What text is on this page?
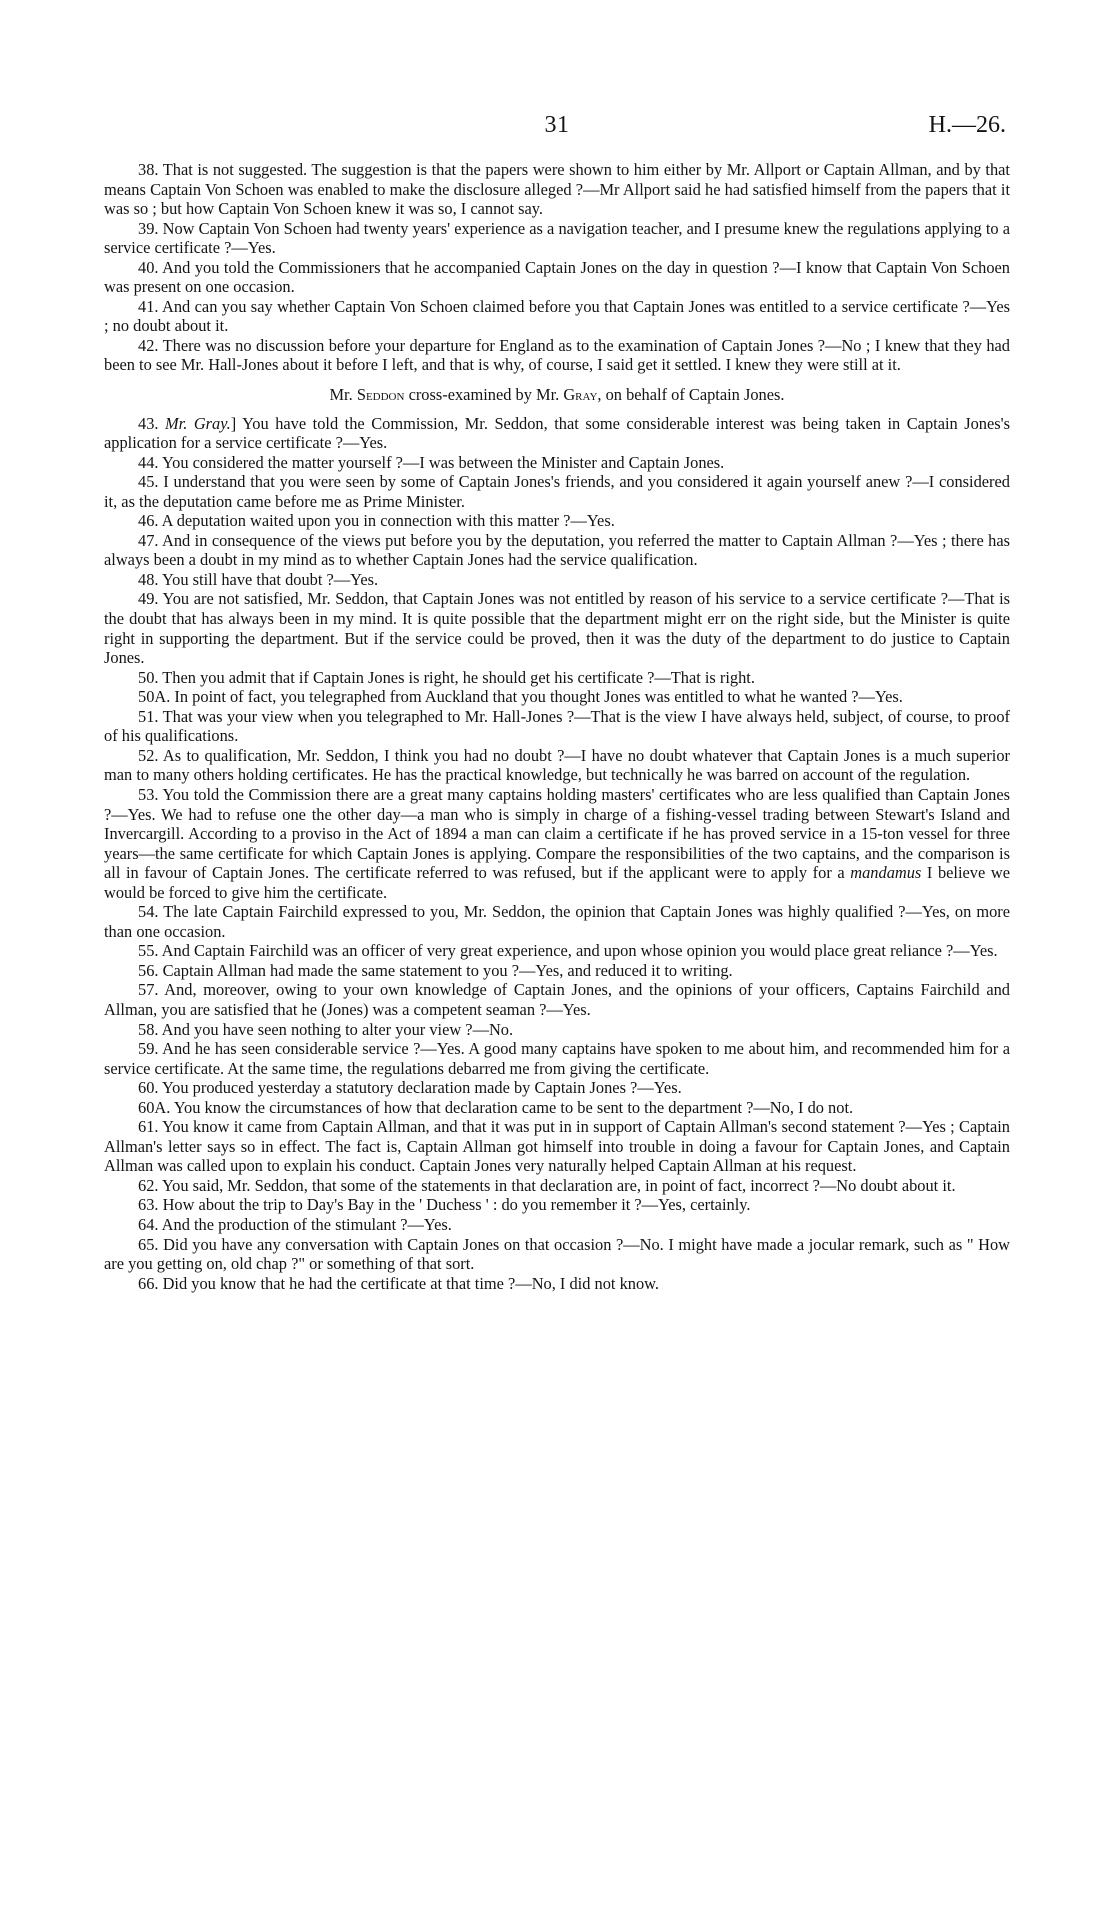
31	H.—26.

38. That is not suggested. The suggestion is that the papers were shown to him either by Mr. Allport or Captain Allman, and by that means Captain Von Schoen was enabled to make the disclosure alleged ?—Mr Allport said he had satisfied himself from the papers that it was so ; but how Captain Von Schoen knew it was so, I cannot say.

39. Now Captain Von Schoen had twenty years' experience as a navigation teacher, and I presume knew the regulations applying to a service certificate ?—Yes.

40. And you told the Commissioners that he accompanied Captain Jones on the day in question ?—I know that Captain Von Schoen was present on one occasion.

41. And can you say whether Captain Von Schoen claimed before you that Captain Jones was entitled to a service certificate ?—Yes ; no doubt about it.

42. There was no discussion before your departure for England as to the examination of Captain Jones ?—No ; I knew that they had been to see Mr. Hall-Jones about it before I left, and that is why, of course, I said get it settled. I knew they were still at it.

Mr. Seddon cross-examined by Mr. Gray, on behalf of Captain Jones.

43. Mr. Gray.] You have told the Commission, Mr. Seddon, that some considerable interest was being taken in Captain Jones's application for a service certificate ?—Yes.

44. You considered the matter yourself ?—I was between the Minister and Captain Jones.

45. I understand that you were seen by some of Captain Jones's friends, and you considered it again yourself anew ?—I considered it, as the deputation came before me as Prime Minister.

46. A deputation waited upon you in connection with this matter ?—Yes.

47. And in consequence of the views put before you by the deputation, you referred the matter to Captain Allman ?—Yes ; there has always been a doubt in my mind as to whether Captain Jones had the service qualification.

48. You still have that doubt ?—Yes.

49. You are not satisfied, Mr. Seddon, that Captain Jones was not entitled by reason of his service to a service certificate ?—That is the doubt that has always been in my mind. It is quite possible that the department might err on the right side, but the Minister is quite right in supporting the department. But if the service could be proved, then it was the duty of the department to do justice to Captain Jones.

50. Then you admit that if Captain Jones is right, he should get his certificate ?—That is right.

50A. In point of fact, you telegraphed from Auckland that you thought Jones was entitled to what he wanted ?—Yes.

51. That was your view when you telegraphed to Mr. Hall-Jones ?—That is the view I have always held, subject, of course, to proof of his qualifications.

52. As to qualification, Mr. Seddon, I think you had no doubt ?—I have no doubt whatever that Captain Jones is a much superior man to many others holding certificates. He has the practical knowledge, but technically he was barred on account of the regulation.

53. You told the Commission there are a great many captains holding masters' certificates who are less qualified than Captain Jones ?—Yes. We had to refuse one the other day—a man who is simply in charge of a fishing-vessel trading between Stewart's Island and Invercargill. According to a proviso in the Act of 1894 a man can claim a certificate if he has proved service in a 15-ton vessel for three years—the same certificate for which Captain Jones is applying. Compare the responsibilities of the two captains, and the comparison is all in favour of Captain Jones. The certificate referred to was refused, but if the applicant were to apply for a mandamus I believe we would be forced to give him the certificate.

54. The late Captain Fairchild expressed to you, Mr. Seddon, the opinion that Captain Jones was highly qualified ?—Yes, on more than one occasion.

55. And Captain Fairchild was an officer of very great experience, and upon whose opinion you would place great reliance ?—Yes.

56. Captain Allman had made the same statement to you ?—Yes, and reduced it to writing.

57. And, moreover, owing to your own knowledge of Captain Jones, and the opinions of your officers, Captains Fairchild and Allman, you are satisfied that he (Jones) was a competent seaman ?—Yes.

58. And you have seen nothing to alter your view ?—No.

59. And he has seen considerable service ?—Yes. A good many captains have spoken to me about him, and recommended him for a service certificate. At the same time, the regulations debarred me from giving the certificate.

60. You produced yesterday a statutory declaration made by Captain Jones ?—Yes.

60A. You know the circumstances of how that declaration came to be sent to the department ?—No, I do not.

61. You know it came from Captain Allman, and that it was put in in support of Captain Allman's second statement ?—Yes ; Captain Allman's letter says so in effect. The fact is, Captain Allman got himself into trouble in doing a favour for Captain Jones, and Captain Allman was called upon to explain his conduct. Captain Jones very naturally helped Captain Allman at his request.

62. You said, Mr. Seddon, that some of the statements in that declaration are, in point of fact, incorrect ?—No doubt about it.

63. How about the trip to Day's Bay in the ' Duchess ' : do you remember it ?—Yes, certainly.

64. And the production of the stimulant ?—Yes.

65. Did you have any conversation with Captain Jones on that occasion ?—No. I might have made a jocular remark, such as " How are you getting on, old chap ?" or something of that sort.

66. Did you know that he had the certificate at that time ?—No, I did not know.
